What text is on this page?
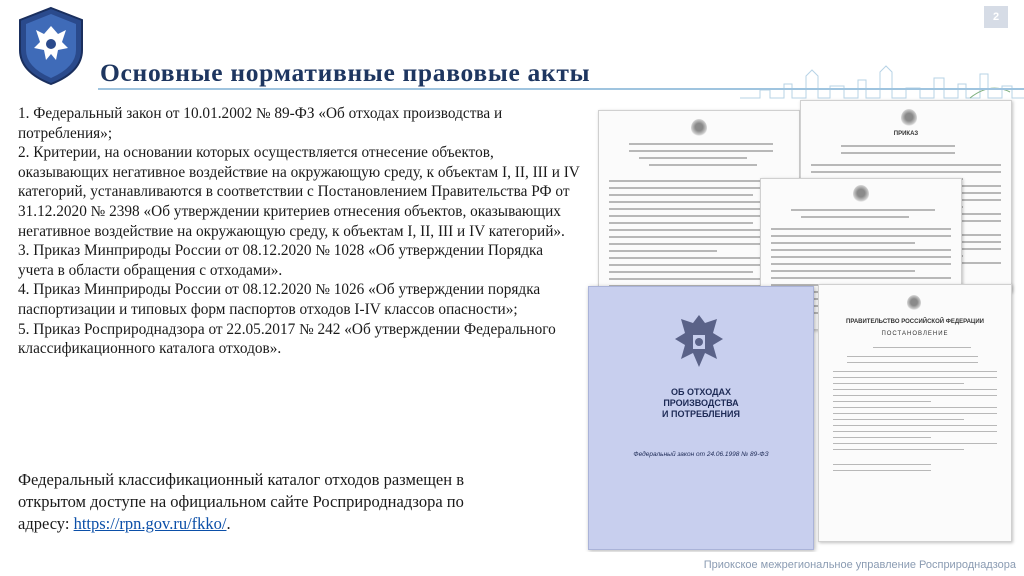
Основные нормативные правовые акты
2

1. Федеральный закон от 10.01.2002 № 89-ФЗ «Об отходах производства и потребления»;

2. Критерии, на основании которых осуществляется отнесение объектов, оказывающих негативное воздействие на окружающую среду, к объектам I, II, III и IV категорий, устанавливаются в соответствии с Постановлением Правительства РФ от 31.12.2020 № 2398 «Об утверждении критериев отнесения объектов, оказывающих негативное воздействие на окружающую среду, к объектам I, II, III и IV категорий».

3. Приказ Минприроды России от 08.12.2020 № 1028 «Об утверждении Порядка учета в области обращения с отходами».

4. Приказ Минприроды России от 08.12.2020 № 1026 «Об утверждении порядка паспортизации и типовых форм паспортов отходов I-IV классов опасности»;

5. Приказ Росприроднадзора от 22.05.2017 № 242 «Об утверждении Федерального классификационного каталога отходов».

Федеральный классификационный каталог отходов размещен в открытом доступе на официальном сайте Росприроднадзора по адресу: https://rpn.gov.ru/fkko/.
ПРИКАЗ
ОБ ОТХОДАХ
ПРОИЗВОДСТВА
И ПОТРЕБЛЕНИЯ
Федеральный закон от 24.06.1998 № 89-ФЗ
ПРАВИТЕЛЬСТВО РОССИЙСКОЙ ФЕДЕРАЦИИ
ПОСТАНОВЛЕНИЕ
Приокское межрегиональное управление Росприроднадзора
